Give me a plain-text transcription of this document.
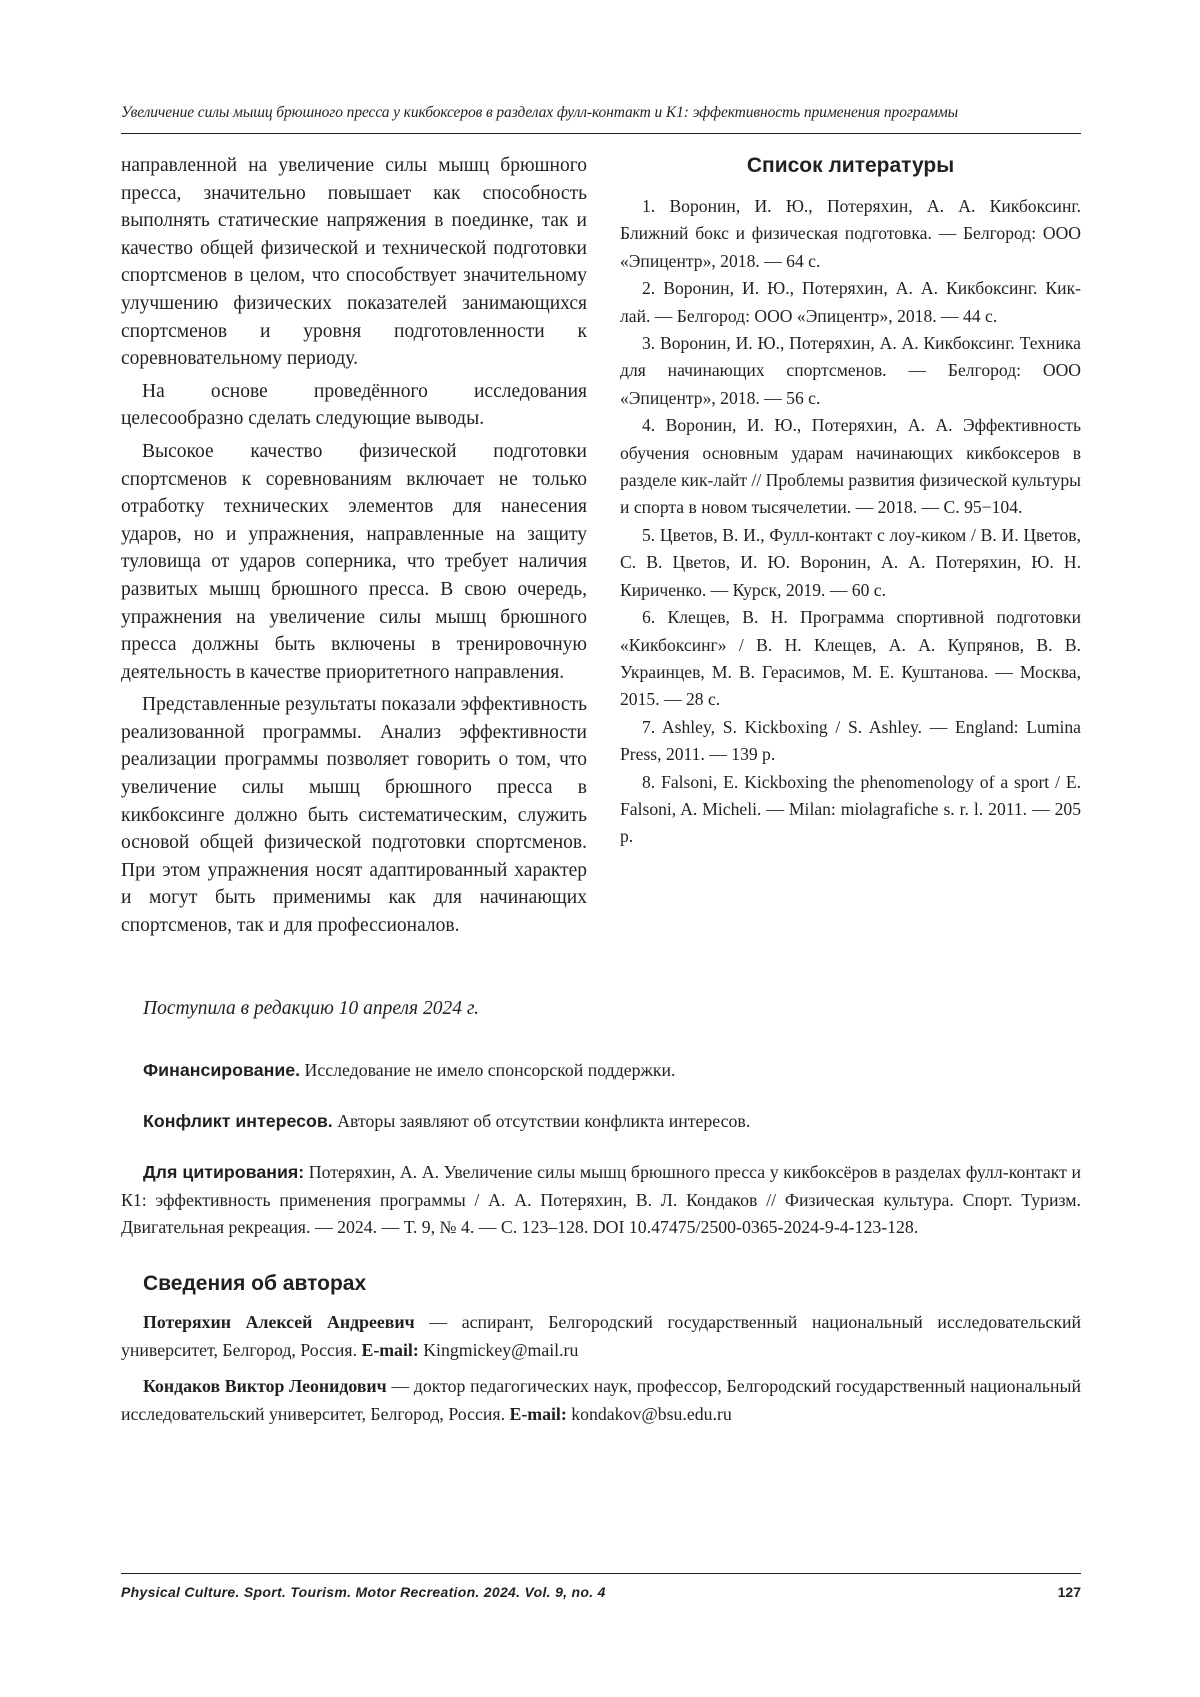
Увеличение силы мышц брюшного пресса у кикбоксеров в разделах фулл-контакт и К1: эффективность применения программы

направленной на увеличение силы мышц брюшного пресса, значительно повышает как способность выполнять статические напряжения в поединке, так и качество общей физической и технической подготовки спортсменов в целом, что способствует значительному улучшению физических показателей занимающихся спортсменов и уровня подготовленности к соревновательному периоду.

На основе проведённого исследования целесообразно сделать следующие выводы.

Высокое качество физической подготовки спортсменов к соревнованиям включает не только отработку технических элементов для нанесения ударов, но и упражнения, направленные на защиту туловища от ударов соперника, что требует наличия развитых мышц брюшного пресса. В свою очередь, упражнения на увеличение силы мышц брюшного пресса должны быть включены в тренировочную деятельность в качестве приоритетного направления.

Представленные результаты показали эффективность реализованной программы. Анализ эффективности реализации программы позволяет говорить о том, что увеличение силы мышц брюшного пресса в кикбоксинге должно быть систематическим, служить основой общей физической подготовки спортсменов. При этом упражнения носят адаптированный характер и могут быть применимы как для начинающих спортсменов, так и для профессионалов.

Список литературы
1. Воронин, И. Ю., Потеряхин, А. А. Кикбоксинг. Ближний бокс и физическая подготовка. — Белгород: ООО «Эпицентр», 2018. — 64 с.
2. Воронин, И. Ю., Потеряхин, А. А. Кикбоксинг. Кик-лай. — Белгород: ООО «Эпицентр», 2018. — 44 с.
3. Воронин, И. Ю., Потеряхин, А. А. Кикбоксинг. Техника для начинающих спортсменов. — Белгород: ООО «Эпицентр», 2018. — 56 с.
4. Воронин, И. Ю., Потеряхин, А. А. Эффективность обучения основным ударам начинающих кикбоксеров в разделе кик-лайт // Проблемы развития физической культуры и спорта в новом тысячелетии. — 2018. — С. 95−104.
5. Цветов, В. И., Фулл-контакт с лоу-киком / В. И. Цветов, С. В. Цветов, И. Ю. Воронин, А. А. Потеряхин, Ю. Н. Кириченко. — Курск, 2019. — 60 с.
6. Клещев, В. Н. Программа спортивной подготовки «Кикбоксинг» / В. Н. Клещев, А. А. Купрянов, В. В. Украинцев, М. В. Герасимов, М. Е. Куштанова. — Москва, 2015. — 28 с.
7. Ashley, S. Kickboxing / S. Ashley. — England: Lumina Press, 2011. — 139 p.
8. Falsoni, E. Kickboxing the phenomenology of a sport / E. Falsoni, A. Micheli. — Milan: miolagrafiche s. r. l. 2011. — 205 p.
Поступила в редакцию 10 апреля 2024 г.
Финансирование. Исследование не имело спонсорской поддержки.
Конфликт интересов. Авторы заявляют об отсутствии конфликта интересов.
Для цитирования: Потеряхин, А. А. Увеличение силы мышц брюшного пресса у кикбоксёров в разделах фулл-контакт и К1: эффективность применения программы / А. А. Потеряхин, В. Л. Кондаков // Физическая культура. Спорт. Туризм. Двигательная рекреация. — 2024. — Т. 9, № 4. — С. 123–128. DOI 10.47475/2500-0365-2024-9-4-123-128.
Сведения об авторах
Потеряхин Алексей Андреевич — аспирант, Белгородский государственный национальный исследовательский университет, Белгород, Россия. E-mail: Kingmickey@mail.ru
Кондаков Виктор Леонидович — доктор педагогических наук, профессор, Белгородский государственный национальный исследовательский университет, Белгород, Россия. E-mail: kondakov@bsu.edu.ru
Physical Culture. Sport. Tourism. Motor Recreation. 2024. Vol. 9, no. 4	127
